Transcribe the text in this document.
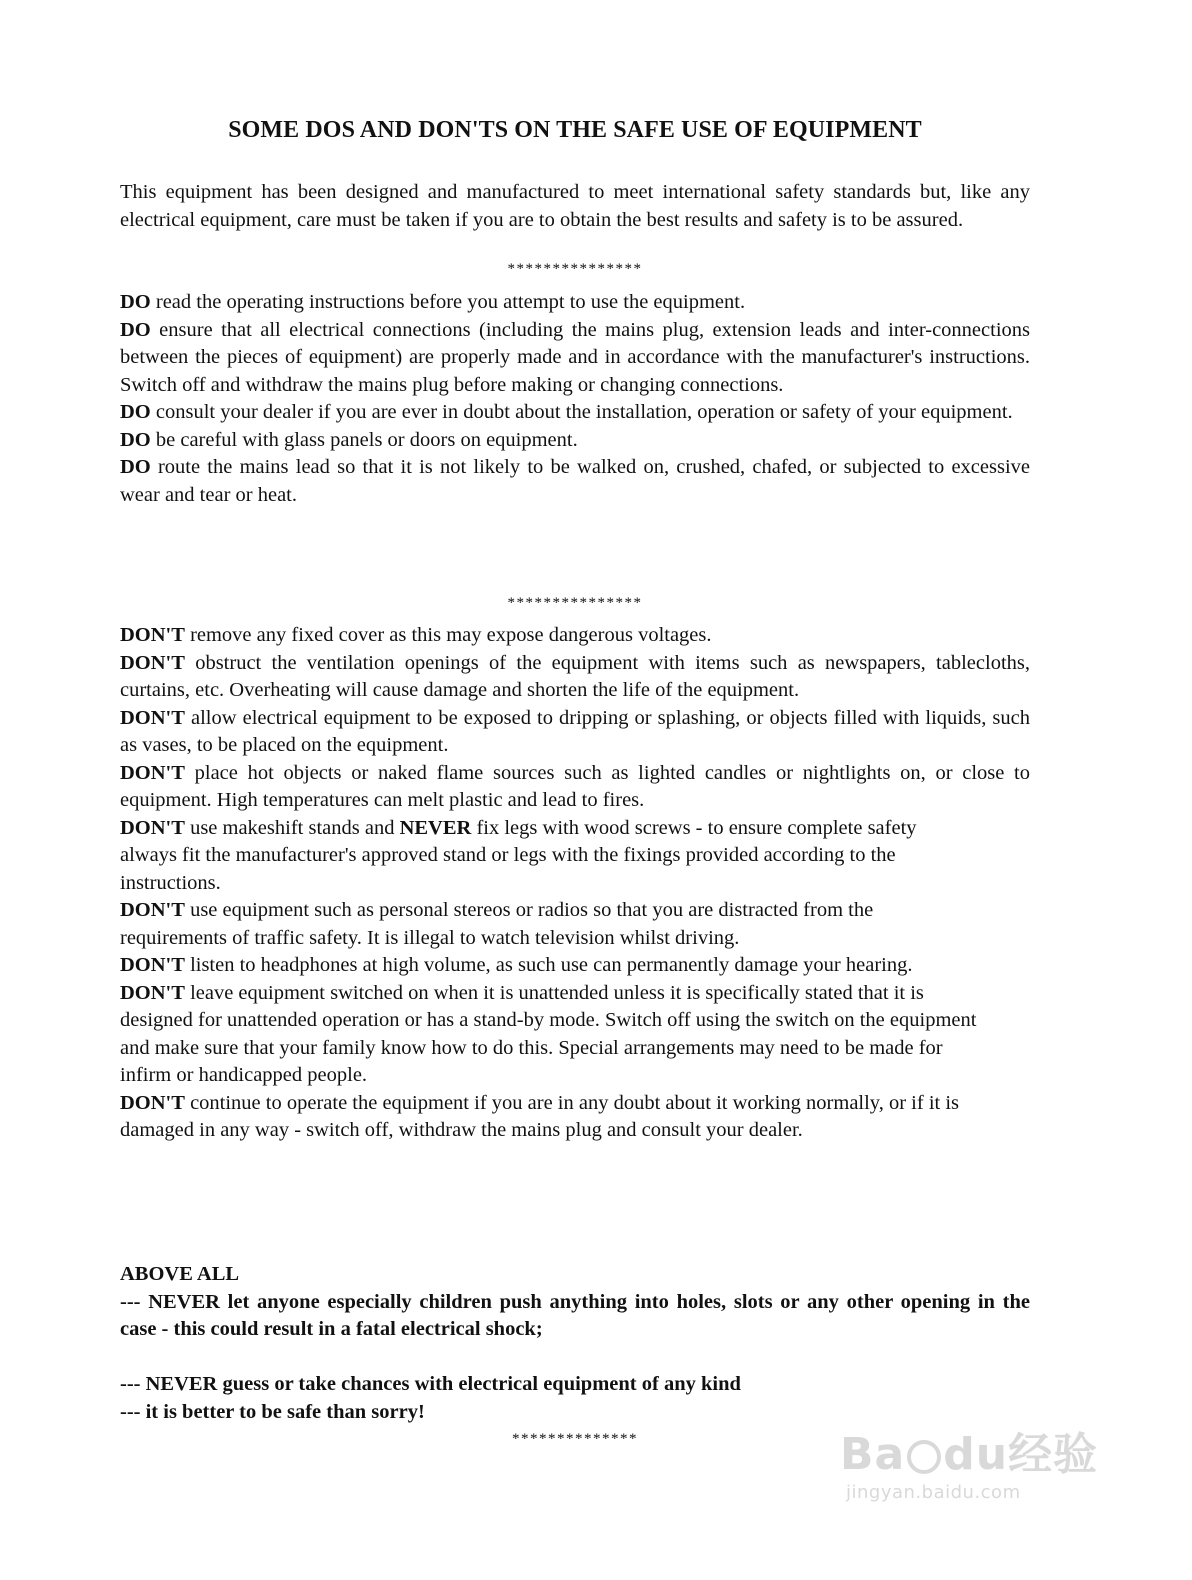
SOME DOS AND DON'TS ON THE SAFE USE OF EQUIPMENT
This equipment has been designed and manufactured to meet international safety standards but, like any electrical equipment, care must be taken if you are to obtain the best results and safety is to be assured.
***************

DO read the operating instructions before you attempt to use the equipment.

DO ensure that all electrical connections (including the mains plug, extension leads and inter-connections between the pieces of equipment) are properly made and in accordance with the manufacturer's instructions. Switch off and withdraw the mains plug before making or changing connections.

DO consult your dealer if you are ever in doubt about the installation, operation or safety of your equipment.

DO be careful with glass panels or doors on equipment.

DO route the mains lead so that it is not likely to be walked on, crushed, chafed, or subjected to excessive wear and tear or heat.

***************

DON'T remove any fixed cover as this may expose dangerous voltages.

DON'T obstruct the ventilation openings of the equipment with items such as newspapers, tablecloths, curtains, etc. Overheating will cause damage and shorten the life of the equipment.

DON'T allow electrical equipment to be exposed to dripping or splashing, or objects filled with liquids, such as vases, to be placed on the equipment.

DON'T place hot objects or naked flame sources such as lighted candles or nightlights on, or close to equipment. High temperatures can melt plastic and lead to fires.

DON'T use makeshift stands and NEVER fix legs with wood screws - to ensure complete safety always fit the manufacturer's approved stand or legs with the fixings provided according to the instructions.

DON'T use equipment such as personal stereos or radios so that you are distracted from the requirements of traffic safety. It is illegal to watch television whilst driving.

DON'T listen to headphones at high volume, as such use can permanently damage your hearing.

DON'T leave equipment switched on when it is unattended unless it is specifically stated that it is designed for unattended operation or has a stand-by mode. Switch off using the switch on the equipment and make sure that your family know how to do this. Special arrangements may need to be made for infirm or handicapped people.

DON'T continue to operate the equipment if you are in any doubt about it working normally, or if it is damaged in any way - switch off, withdraw the mains plug and consult your dealer.

ABOVE ALL

--- NEVER let anyone especially children push anything into holes, slots or any other opening in the case - this could result in a fatal electrical shock;

--- NEVER guess or take chances with electrical equipment of any kind

--- it is better to be safe than sorry!

**************	Ba du经验
jingyan.baidu.com
